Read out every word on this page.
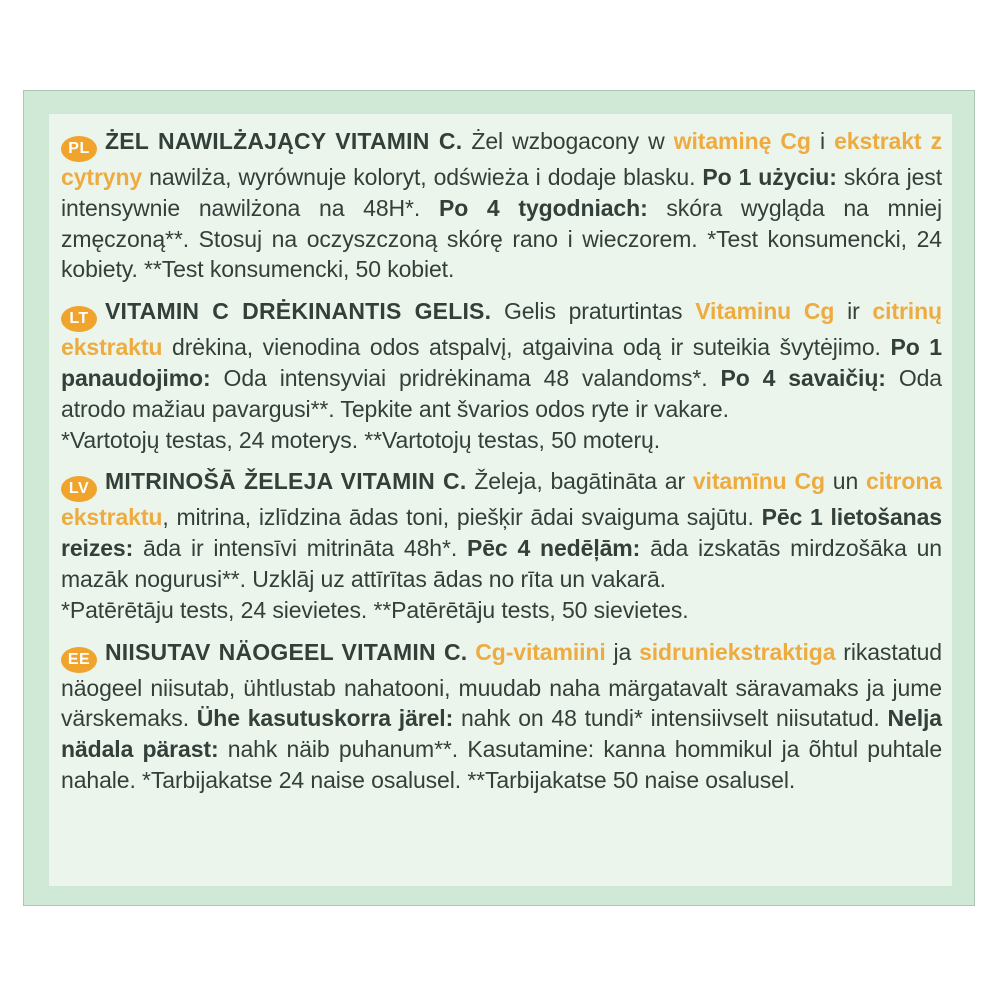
PL ŻEL NAWILŻAJĄCY VITAMIN C. Żel wzbogacony w witaminę Cg i ekstrakt z cytryny nawilża, wyrównuje koloryt, odświeża i dodaje blasku. Po 1 użyciu: skóra jest intensywnie nawilżona na 48H*. Po 4 tygodniach: skóra wygląda na mniej zmęczoną**. Stosuj na oczyszczoną skórę rano i wieczorem. *Test konsumencki, 24 kobiety. **Test konsumencki, 50 kobiet.

LT VITAMIN C DRĖKINANTIS GELIS. Gelis praturtintas Vitaminu Cg ir citrinų ekstraktu drėkina, vienodina odos atspalvį, atgaivina odą ir suteikia švytėjimo. Po 1 panaudojimo: Oda intensyviai pridrėkinama 48 valandoms*. Po 4 savaičių: Oda atrodo mažiau pavargusi**. Tepkite ant švarios odos ryte ir vakare.
*Vartotojų testas, 24 moterys. **Vartotojų testas, 50 moterų.

LV MITRINOŠĀ ŽELEJA VITAMIN C. Želeja, bagātināta ar vitamīnu Cg un citrona ekstraktu, mitrina, izlīdzina ādas toni, piešķir ādai svaiguma sajūtu. Pēc 1 lietošanas reizes: āda ir intensīvi mitrināta 48h*. Pēc 4 nedēļām: āda izskatās mirdzošāka un mazāk nogurusi**. Uzklāj uz attīrītas ādas no rīta un vakarā.
*Patērētāju tests, 24 sievietes. **Patērētāju tests, 50 sievietes.

EE NIISUTAV NÄOGEEL VITAMIN C. Cg-vitamiini ja sidruniekstraktiga rikastatud näogeel niisutab, ühtlustab nahatooni, muudab naha märgatavalt säravamaks ja jume värskemaks. Ühe kasutuskorra järel: nahk on 48 tundi* intensiivselt niisutatud. Nelja nädala pärast: nahk näib puhanum**. Kasutamine: kanna hommikul ja õhtul puhtale nahale. *Tarbijakatse 24 naise osalusel. **Tarbijakatse 50 naise osalusel.
